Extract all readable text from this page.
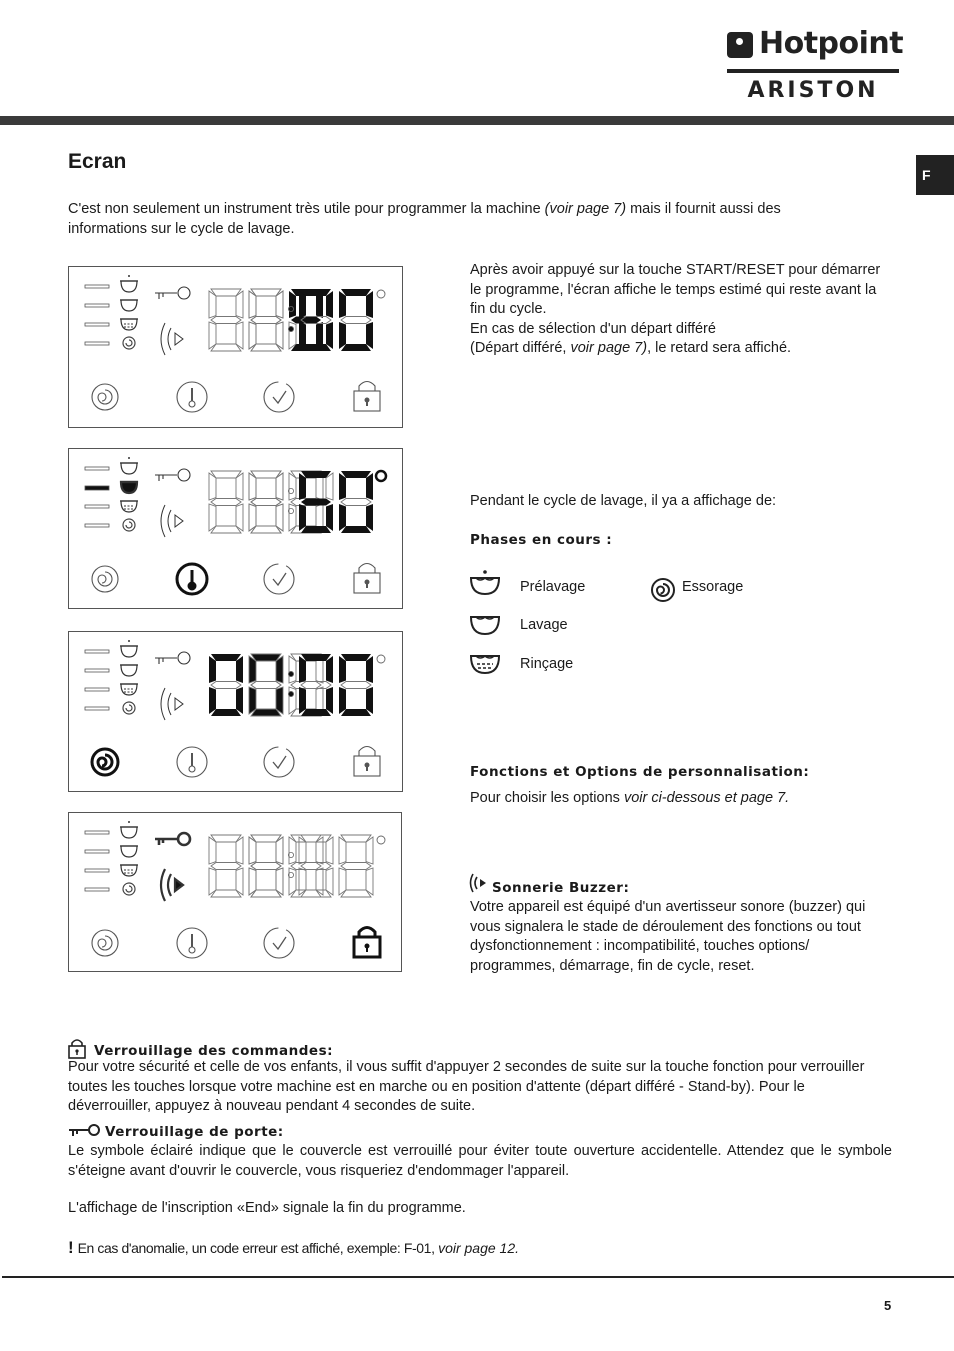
Hotpoint
ARISTON
F
Ecran
C'est non seulement un instrument très utile pour programmer la machine (voir page 7) mais il fournit aussi des informations sur le cycle de lavage.
Après avoir appuyé sur la touche START/RESET pour démarrer le programme, l'écran affiche le temps estimé qui reste avant la fin du cycle.
En cas de sélection d'un départ différé
(Départ différé, voir page 7), le retard sera affiché.
Pendant le cycle de lavage, il ya a affichage de:
Phases en cours :
Prélavage	Essorage
Lavage
Rinçage
Fonctions et Options de personnalisation:
Pour choisir les options voir ci-dessous et page 7.
Sonnerie Buzzer:
Votre appareil est équipé d'un avertisseur sonore (buzzer) qui vous signalera le stade de déroulement des fonctions ou tout dysfonctionnement : incompatibilité, touches options/ programmes, démarrage, fin de cycle, reset.
Verrouillage des commandes:
Pour votre sécurité et celle de vos enfants, il vous suffit d'appuyer 2 secondes de suite sur la touche fonction pour verrouiller toutes les touches lorsque votre machine est en marche ou en position d'attente (départ différé - Stand-by). Pour le déverrouiller, appuyez à nouveau pendant 4 secondes de suite.
Verrouillage de porte:
Le symbole éclairé indique que le couvercle est verrouillé pour éviter toute ouverture accidentelle. Attendez que le symbole s'éteigne avant d'ouvrir le couvercle, vous risqueriez d'endommager l'appareil.
L'affichage de l'inscription «End» signale la fin du programme.
! En cas d'anomalie, un code erreur est affiché, exemple: F-01, voir page 12.
5
